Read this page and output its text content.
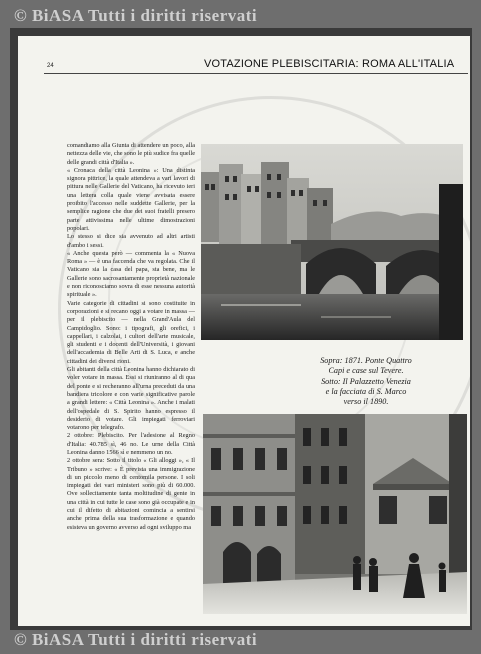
© BiASA Tutti i diritti riservati
24	VOTAZIONE PLEBISCITARIA: ROMA ALL'ITALIA

comandiamo alla Giunta di attendere un poco, alla nettezza delle vie, che sono le più sudice fra quelle delle grandi città d'Italia ».

« Cronaca della città Leonina »: Una distinta signora pittrice, la quale attendeva a vari lavori di pittura nelle Gallerie del Vaticano, ha ricevuto ieri una lettera colla quale viene avvisata essere proibito l'accesso nelle suddette Gallerie, per la semplice ragione che due dei suoi fratelli presero parte attivissima nelle ultime dimostrazioni popolari.

Lo stesso si dice sia avvenuto ad altri artisti d'ambo i sessi.

« Anche questa però — commenta la « Nuova Roma » — è una faccenda che va regolata. Che il Vaticano sia la casa del papa, sta bene, ma le Gallerie sono sacrosantamente proprietà nazionale e non riconosciamo sovra di esse nessuna autorità spirituale ».

Varie categorie di cittadini si sono costituite in corporazioni e si recano oggi a votare in massa — per il plebiscito — nella Grand'Aula del Campidoglio. Sono: i tipografi, gli orefici, i cappellari, i calzolai, i cultori dell'arte musicale, gli studenti e i docenti dell'Università, i giovani dell'accademia di Belle Arti di S. Luca, e anche cittadini dei diversi rioni.

Gli abitanti della città Leonina hanno dichiarato di voler votare in massa. Essi si riuniranno al di qua del ponte e si recheranno all'urna preceduti da una bandiera tricolore e con varie significative parole a grandi lettere: « Città Leonina ». Anche i malati dell'ospedale di S. Spirito hanno espresso il desiderio di votare. Gli impiegati ferroviari votarono per telegrafo.

2 ottobre: Plebiscito. Per l'adesione al Regno d'Italia: 40.785 sì, 46 no. Le urne della Città Leonina danno 1566 sì e nemmeno un no.

2 ottobre sera: Sotto il titolo « Gli alloggi », « Il Tribuno » scrive: « È prevista una immigrazione di un piccolo meno di centomila persone. I soli impiegati dei vari ministeri sono più di 60.000. Ove sollecitamente tanta moltitudine di gente in una città in cui tutte le case sono già occupate e in cui il difetto di abitazioni comincia a sentirsi anche prima della sua trasformazione e quando esisteva un governo avverso ad ogni sviluppo ma

Sopra: 1871. Ponte Quattro
Capi e case sul Tevere.
Sotto: Il Palazzetto Venezia
e la facciata di S. Marco
verso il 1890.
© BiASA Tutti i diritti riservati
